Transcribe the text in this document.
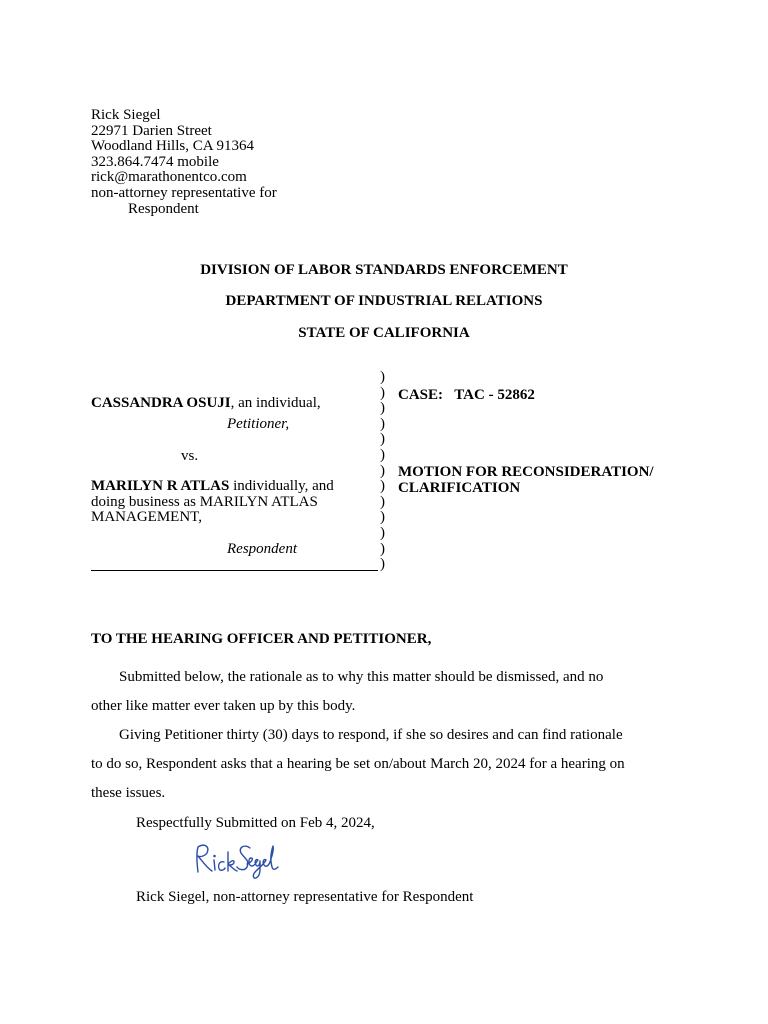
Rick Siegel
22971 Darien Street
Woodland Hills, CA 91364
323.864.7474 mobile
rick@marathonentco.com
non-attorney representative for
Respondent
DIVISION OF LABOR STANDARDS ENFORCEMENT
DEPARTMENT OF INDUSTRIAL RELATIONS
STATE OF CALIFORNIA
CASSANDRA OSUJI, an individual,
Petitioner,
vs.
MARILYN R ATLAS individually, and
doing business as MARILYN ATLAS
MANAGEMENT,
Respondent
)
)
)
)
)
)
)
)
)
)
)
)
)
CASE: TAC - 52862
MOTION FOR RECONSIDERATION/
CLARIFICATION
TO THE HEARING OFFICER AND PETITIONER,
Submitted below, the rationale as to why this matter should be dismissed, and no
other like matter ever taken up by this body.
Giving Petitioner thirty (30) days to respond, if she so desires and can find rationale
to do so, Respondent asks that a hearing be set on/about March 20, 2024 for a hearing on
these issues.
Respectfully Submitted on Feb 4, 2024,
Rick Siegel, non-attorney representative for Respondent
